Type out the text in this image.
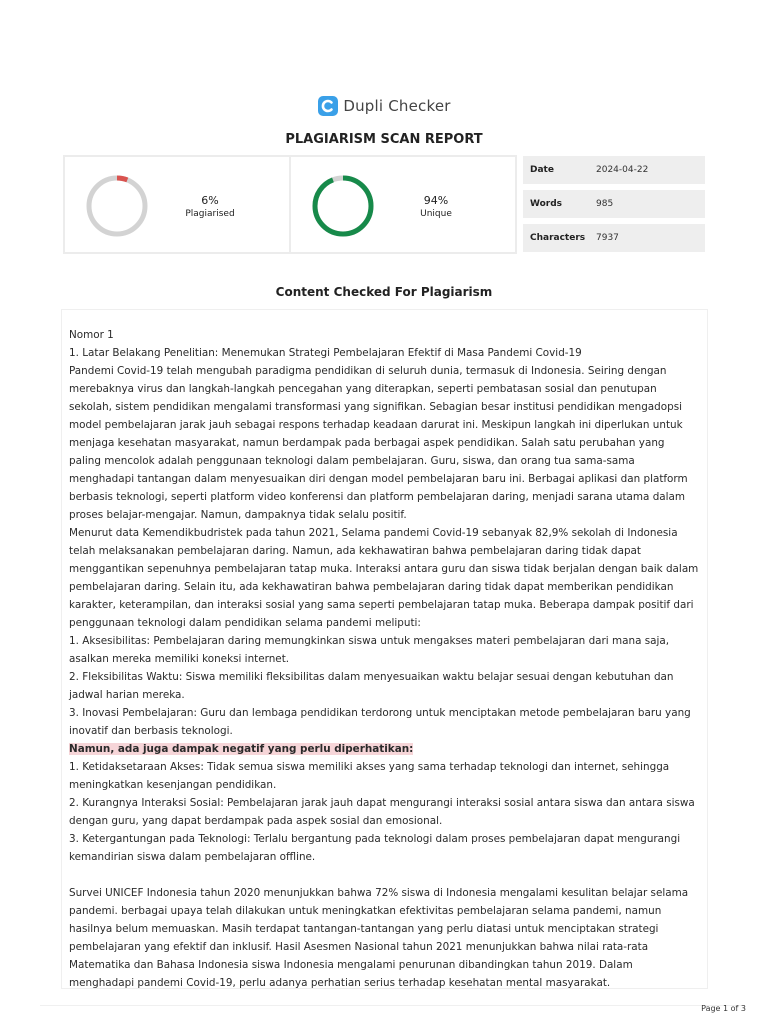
Dupli Checker
PLAGIARISM SCAN REPORT
6%
Plagiarised
94%
Unique
Date	2024-04-22
Words	985
Characters	7937
Content Checked For Plagiarism

Nomor 1

1. Latar Belakang Penelitian: Menemukan Strategi Pembelajaran Efektif di Masa Pandemi Covid-19

Pandemi Covid-19 telah mengubah paradigma pendidikan di seluruh dunia, termasuk di Indonesia. Seiring dengan merebaknya virus dan langkah-langkah pencegahan yang diterapkan, seperti pembatasan sosial dan penutupan sekolah, sistem pendidikan mengalami transformasi yang signifikan. Sebagian besar institusi pendidikan mengadopsi model pembelajaran jarak jauh sebagai respons terhadap keadaan darurat ini. Meskipun langkah ini diperlukan untuk menjaga kesehatan masyarakat, namun berdampak pada berbagai aspek pendidikan. Salah satu perubahan yang paling mencolok adalah penggunaan teknologi dalam pembelajaran. Guru, siswa, dan orang tua sama-sama menghadapi tantangan dalam menyesuaikan diri dengan model pembelajaran baru ini. Berbagai aplikasi dan platform berbasis teknologi, seperti platform video konferensi dan platform pembelajaran daring, menjadi sarana utama dalam proses belajar-mengajar. Namun, dampaknya tidak selalu positif.

Menurut data Kemendikbudristek pada tahun 2021, Selama pandemi Covid-19 sebanyak 82,9% sekolah di Indonesia telah melaksanakan pembelajaran daring. Namun, ada kekhawatiran bahwa pembelajaran daring tidak dapat menggantikan sepenuhnya pembelajaran tatap muka. Interaksi antara guru dan siswa tidak berjalan dengan baik dalam pembelajaran daring. Selain itu, ada kekhawatiran bahwa pembelajaran daring tidak dapat memberikan pendidikan karakter, keterampilan, dan interaksi sosial yang sama seperti pembelajaran tatap muka. Beberapa dampak positif dari penggunaan teknologi dalam pendidikan selama pandemi meliputi:

1. Aksesibilitas: Pembelajaran daring memungkinkan siswa untuk mengakses materi pembelajaran dari mana saja, asalkan mereka memiliki koneksi internet.

2. Fleksibilitas Waktu: Siswa memiliki fleksibilitas dalam menyesuaikan waktu belajar sesuai dengan kebutuhan dan jadwal harian mereka.

3. Inovasi Pembelajaran: Guru dan lembaga pendidikan terdorong untuk menciptakan metode pembelajaran baru yang inovatif dan berbasis teknologi.

Namun, ada juga dampak negatif yang perlu diperhatikan:

1. Ketidaksetaraan Akses: Tidak semua siswa memiliki akses yang sama terhadap teknologi dan internet, sehingga meningkatkan kesenjangan pendidikan.

2. Kurangnya Interaksi Sosial: Pembelajaran jarak jauh dapat mengurangi interaksi sosial antara siswa dan antara siswa dengan guru, yang dapat berdampak pada aspek sosial dan emosional.

3. Ketergantungan pada Teknologi: Terlalu bergantung pada teknologi dalam proses pembelajaran dapat mengurangi kemandirian siswa dalam pembelajaran offline.

Survei UNICEF Indonesia tahun 2020 menunjukkan bahwa 72% siswa di Indonesia mengalami kesulitan belajar selama pandemi. berbagai upaya telah dilakukan untuk meningkatkan efektivitas pembelajaran selama pandemi, namun hasilnya belum memuaskan. Masih terdapat tantangan-tantangan yang perlu diatasi untuk menciptakan strategi pembelajaran yang efektif dan inklusif. Hasil Asesmen Nasional tahun 2021 menunjukkan bahwa nilai rata-rata Matematika dan Bahasa Indonesia siswa Indonesia mengalami penurunan dibandingkan tahun 2019. Dalam menghadapi pandemi Covid-19, perlu adanya perhatian serius terhadap kesehatan mental masyarakat.

Page 1 of 3
